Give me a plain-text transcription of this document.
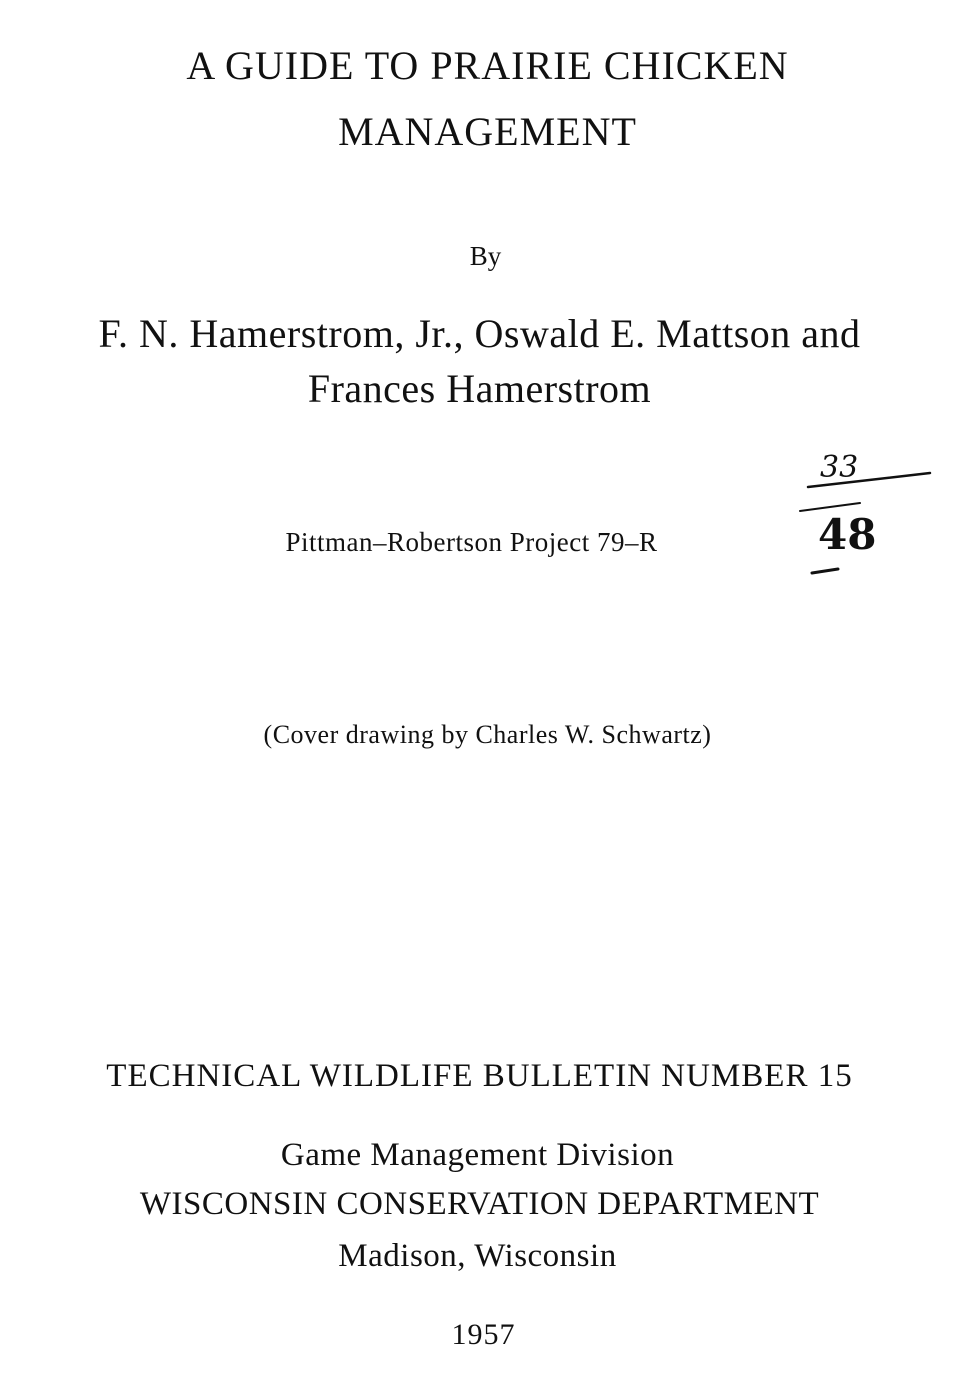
A GUIDE TO PRAIRIE CHICKEN
MANAGEMENT
By
F. N. Hamerstrom, Jr., Oswald E. Mattson and
Frances Hamerstrom
Pittman–Robertson Project 79–R
33
48
(Cover drawing by Charles W. Schwartz)
TECHNICAL WILDLIFE BULLETIN NUMBER 15
Game Management Division
WISCONSIN CONSERVATION DEPARTMENT
Madison, Wisconsin
1957
